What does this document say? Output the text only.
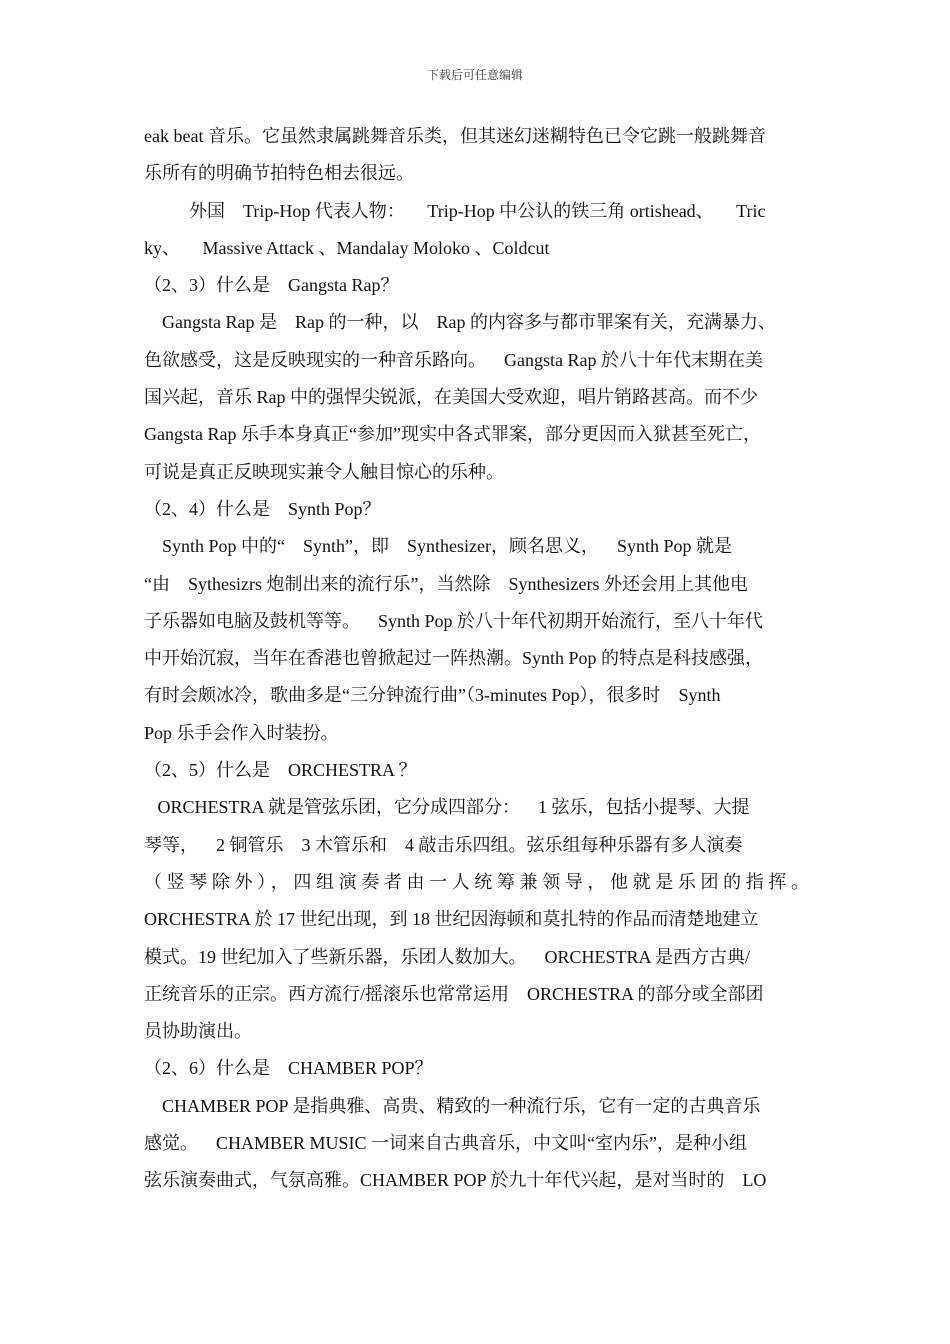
下载后可任意编辑
eak beat 音乐。它虽然隶属跳舞音乐类，但其迷幻迷糊特色已令它跳一般跳舞音
乐所有的明确节拍特色相去很远。
外国    Trip-Hop 代表人物：     Trip-Hop 中公认的铁三角 ortishead、     Tric
ky、     Massive Attack 、Mandalay Moloko 、Coldcut
（2、3）什么是    Gangsta Rap？
Gangsta Rap 是    Rap 的一种，以    Rap 的内容多与都市罪案有关，充满暴力、
色欲感受，这是反映现实的一种音乐路向。    Gangsta Rap 於八十年代末期在美
国兴起，音乐 Rap 中的强悍尖锐派，在美国大受欢迎，唱片销路甚高。而不少
Gangsta Rap 乐手本身真正“参加”现实中各式罪案，部分更因而入狱甚至死亡，
可说是真正反映现实兼令人触目惊心的乐种。
（2、4）什么是    Synth Pop？
Synth Pop 中的“    Synth”，即    Synthesizer，顾名思义，    Synth Pop 就是
“由    Sythesizrs 炮制出来的流行乐”，当然除    Synthesizers 外还会用上其他电
子乐器如电脑及鼓机等等。    Synth Pop 於八十年代初期开始流行，至八十年代
中开始沉寂，当年在香港也曾掀起过一阵热潮。Synth Pop 的特点是科技感强，
有时会颇冰冷，歌曲多是“三分钟流行曲”（3-minutes Pop），很多时    Synth
Pop 乐手会作入时装扮。
（2、5）什么是    ORCHESTRA ？
ORCHESTRA 就是管弦乐团，它分成四部分：    1 弦乐，包括小提琴、大提
琴等，    2 铜管乐    3 木管乐和    4 敲击乐四组。弦乐组每种乐器有多人演奏
（竖琴除外），四组演奏者由一人统筹兼领导，他就是乐团的指挥。
ORCHESTRA 於 17 世纪出现，到 18 世纪因海顿和莫扎特的作品而清楚地建立
模式。19 世纪加入了些新乐器，乐团人数加大。    ORCHESTRA 是西方古典/
正统音乐的正宗。西方流行/摇滚乐也常常运用    ORCHESTRA 的部分或全部团
员协助演出。
（2、6）什么是    CHAMBER POP？
CHAMBER POP 是指典雅、高贵、精致的一种流行乐，它有一定的古典音乐
感觉。    CHAMBER MUSIC 一词来自古典音乐，中文叫“室内乐”，是种小组
弦乐演奏曲式，气氛高雅。CHAMBER POP 於九十年代兴起，是对当时的    LO
